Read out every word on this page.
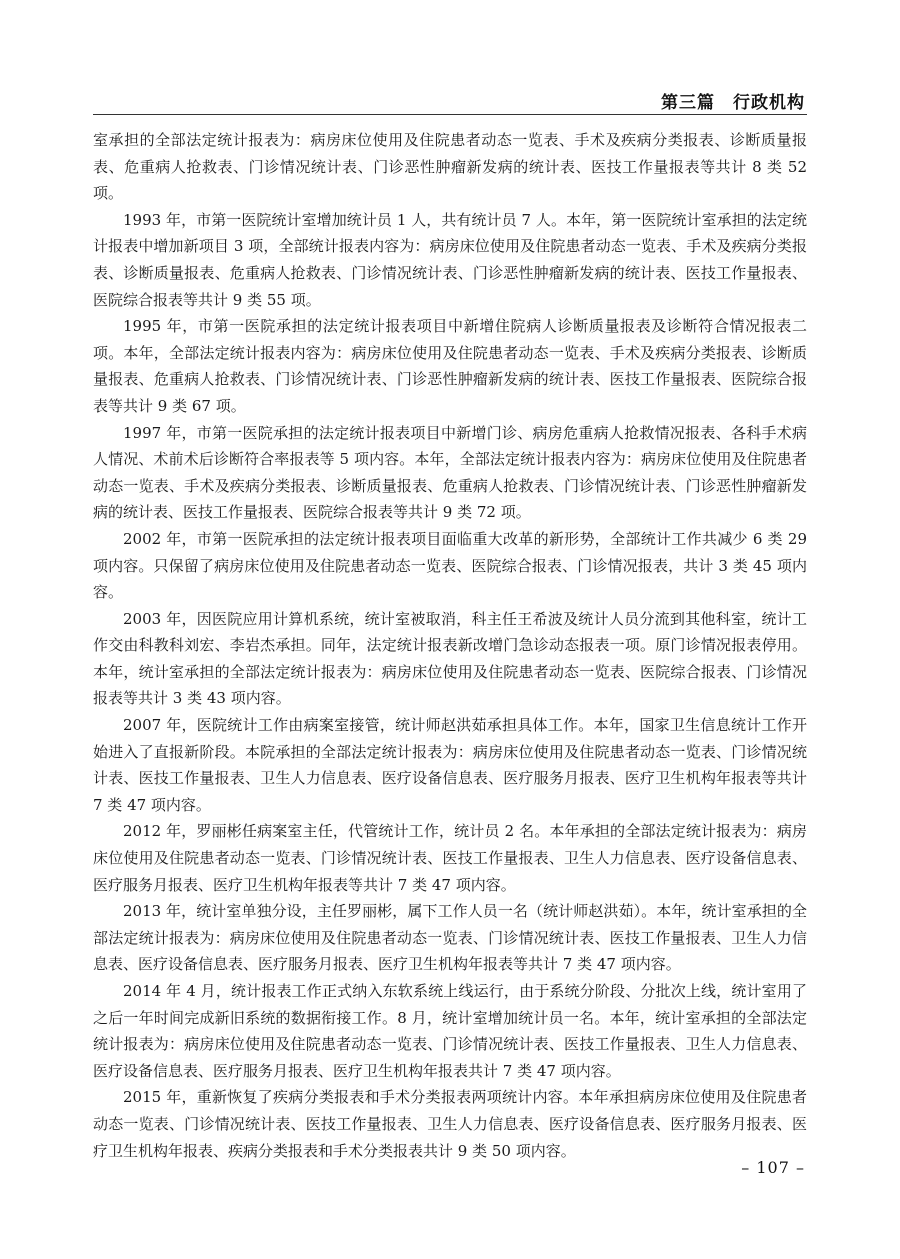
第三篇　行政机构

室承担的全部法定统计报表为：病房床位使用及住院患者动态一览表、手术及疾病分类报表、诊断质量报表、危重病人抢救表、门诊情况统计表、门诊恶性肿瘤新发病的统计表、医技工作量报表等共计 8 类 52 项。

1993 年，市第一医院统计室增加统计员 1 人，共有统计员 7 人。本年，第一医院统计室承担的法定统计报表中增加新项目 3 项，全部统计报表内容为：病房床位使用及住院患者动态一览表、手术及疾病分类报表、诊断质量报表、危重病人抢救表、门诊情况统计表、门诊恶性肿瘤新发病的统计表、医技工作量报表、医院综合报表等共计 9 类 55 项。

1995 年，市第一医院承担的法定统计报表项目中新增住院病人诊断质量报表及诊断符合情况报表二项。本年，全部法定统计报表内容为：病房床位使用及住院患者动态一览表、手术及疾病分类报表、诊断质量报表、危重病人抢救表、门诊情况统计表、门诊恶性肿瘤新发病的统计表、医技工作量报表、医院综合报表等共计 9 类 67 项。

1997 年，市第一医院承担的法定统计报表项目中新增门诊、病房危重病人抢救情况报表、各科手术病人情况、术前术后诊断符合率报表等 5 项内容。本年，全部法定统计报表内容为：病房床位使用及住院患者动态一览表、手术及疾病分类报表、诊断质量报表、危重病人抢救表、门诊情况统计表、门诊恶性肿瘤新发病的统计表、医技工作量报表、医院综合报表等共计 9 类 72 项。

2002 年，市第一医院承担的法定统计报表项目面临重大改革的新形势，全部统计工作共减少 6 类 29 项内容。只保留了病房床位使用及住院患者动态一览表、医院综合报表、门诊情况报表，共计 3 类 45 项内容。

2003 年，因医院应用计算机系统，统计室被取消，科主任王希波及统计人员分流到其他科室，统计工作交由科教科刘宏、李岩杰承担。同年，法定统计报表新改增门急诊动态报表一项。原门诊情况报表停用。本年，统计室承担的全部法定统计报表为：病房床位使用及住院患者动态一览表、医院综合报表、门诊情况报表等共计 3 类 43 项内容。

2007 年，医院统计工作由病案室接管，统计师赵洪茹承担具体工作。本年，国家卫生信息统计工作开始进入了直报新阶段。本院承担的全部法定统计报表为：病房床位使用及住院患者动态一览表、门诊情况统计表、医技工作量报表、卫生人力信息表、医疗设备信息表、医疗服务月报表、医疗卫生机构年报表等共计 7 类 47 项内容。

2012 年，罗丽彬任病案室主任，代管统计工作，统计员 2 名。本年承担的全部法定统计报表为：病房床位使用及住院患者动态一览表、门诊情况统计表、医技工作量报表、卫生人力信息表、医疗设备信息表、医疗服务月报表、医疗卫生机构年报表等共计 7 类 47 项内容。

2013 年，统计室单独分设，主任罗丽彬，属下工作人员一名（统计师赵洪茹）。本年，统计室承担的全部法定统计报表为：病房床位使用及住院患者动态一览表、门诊情况统计表、医技工作量报表、卫生人力信息表、医疗设备信息表、医疗服务月报表、医疗卫生机构年报表等共计 7 类 47 项内容。

2014 年 4 月，统计报表工作正式纳入东软系统上线运行，由于系统分阶段、分批次上线，统计室用了之后一年时间完成新旧系统的数据衔接工作。8 月，统计室增加统计员一名。本年，统计室承担的全部法定统计报表为：病房床位使用及住院患者动态一览表、门诊情况统计表、医技工作量报表、卫生人力信息表、医疗设备信息表、医疗服务月报表、医疗卫生机构年报表共计 7 类 47 项内容。

2015 年，重新恢复了疾病分类报表和手术分类报表两项统计内容。本年承担病房床位使用及住院患者动态一览表、门诊情况统计表、医技工作量报表、卫生人力信息表、医疗设备信息表、医疗服务月报表、医疗卫生机构年报表、疾病分类报表和手术分类报表共计 9 类 50 项内容。

– 107 –
